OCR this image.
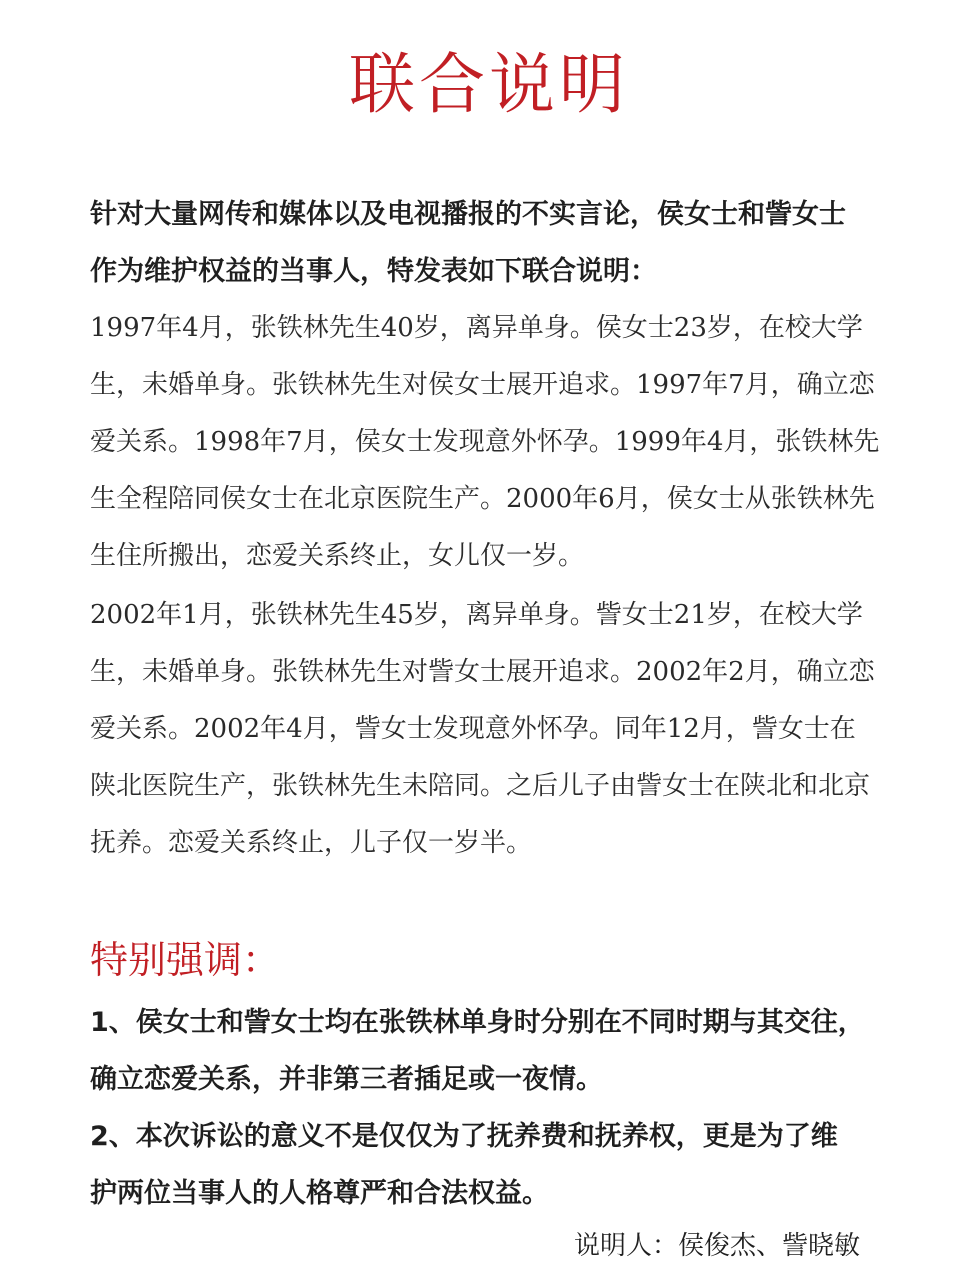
联合说明
针对大量网传和媒体以及电视播报的不实言论，侯女士和訾女士
作为维护权益的当事人，特发表如下联合说明：
1997年4月，张铁林先生40岁，离异单身。侯女士23岁，在校大学
生，未婚单身。张铁林先生对侯女士展开追求。1997年7月，确立恋
爱关系。1998年7月，侯女士发现意外怀孕。1999年4月，张铁林先
生全程陪同侯女士在北京医院生产。2000年6月，侯女士从张铁林先
生住所搬出，恋爱关系终止，女儿仅一岁。
2002年1月，张铁林先生45岁，离异单身。訾女士21岁，在校大学
生，未婚单身。张铁林先生对訾女士展开追求。2002年2月，确立恋
爱关系。2002年4月，訾女士发现意外怀孕。同年12月，訾女士在
陕北医院生产，张铁林先生未陪同。之后儿子由訾女士在陕北和北京
抚养。恋爱关系终止，儿子仅一岁半。
特别强调：
1、侯女士和訾女士均在张铁林单身时分别在不同时期与其交往，
确立恋爱关系，并非第三者插足或一夜情。
2、本次诉讼的意义不是仅仅为了抚养费和抚养权，更是为了维
护两位当事人的人格尊严和合法权益。
说明人：侯俊杰、訾晓敏
